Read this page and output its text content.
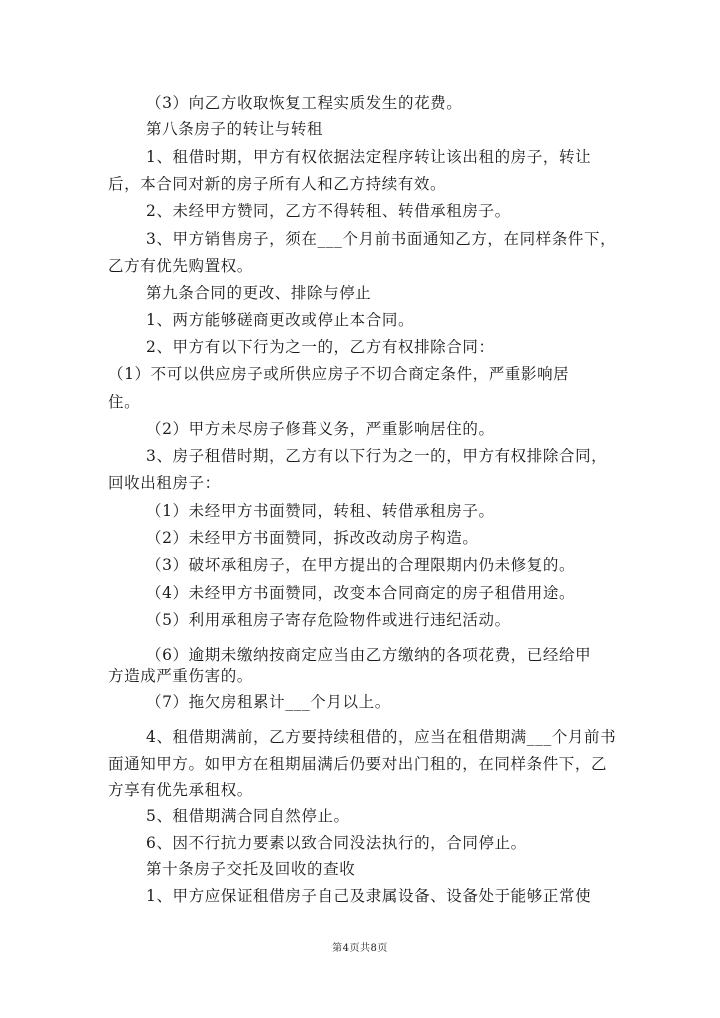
（3）向乙方收取恢复工程实质发生的花费。
第八条房子的转让与转租
1、租借时期，甲方有权依据法定程序转让该出租的房子，转让
后，本合同对新的房子所有人和乙方持续有效。
2、未经甲方赞同，乙方不得转租、转借承租房子。
3、甲方销售房子，须在___个月前书面通知乙方，在同样条件下，
乙方有优先购置权。
第九条合同的更改、排除与停止
1、两方能够磋商更改或停止本合同。
2、甲方有以下行为之一的，乙方有权排除合同：
（1）不可以供应房子或所供应房子不切合商定条件，严重影响居
住。
（2）甲方未尽房子修葺义务，严重影响居住的。
3、房子租借时期，乙方有以下行为之一的，甲方有权排除合同，
回收出租房子：
（1）未经甲方书面赞同，转租、转借承租房子。
（2）未经甲方书面赞同，拆改改动房子构造。
（3）破坏承租房子，在甲方提出的合理限期内仍未修复的。
（4）未经甲方书面赞同，改变本合同商定的房子租借用途。
（5）利用承租房子寄存危险物件或进行违纪活动。
（6）逾期未缴纳按商定应当由乙方缴纳的各项花费，已经给甲
方造成严重伤害的。
（7）拖欠房租累计___个月以上。
4、租借期满前，乙方要持续租借的，应当在租借期满___个月前书
面通知甲方。如甲方在租期届满后仍要对出门租的，在同样条件下，乙
方享有优先承租权。
5、租借期满合同自然停止。
6、因不行抗力要素以致合同没法执行的，合同停止。
第十条房子交托及回收的查收
1、甲方应保证租借房子自己及隶属设备、设备处于能够正常使
第4页共8页
